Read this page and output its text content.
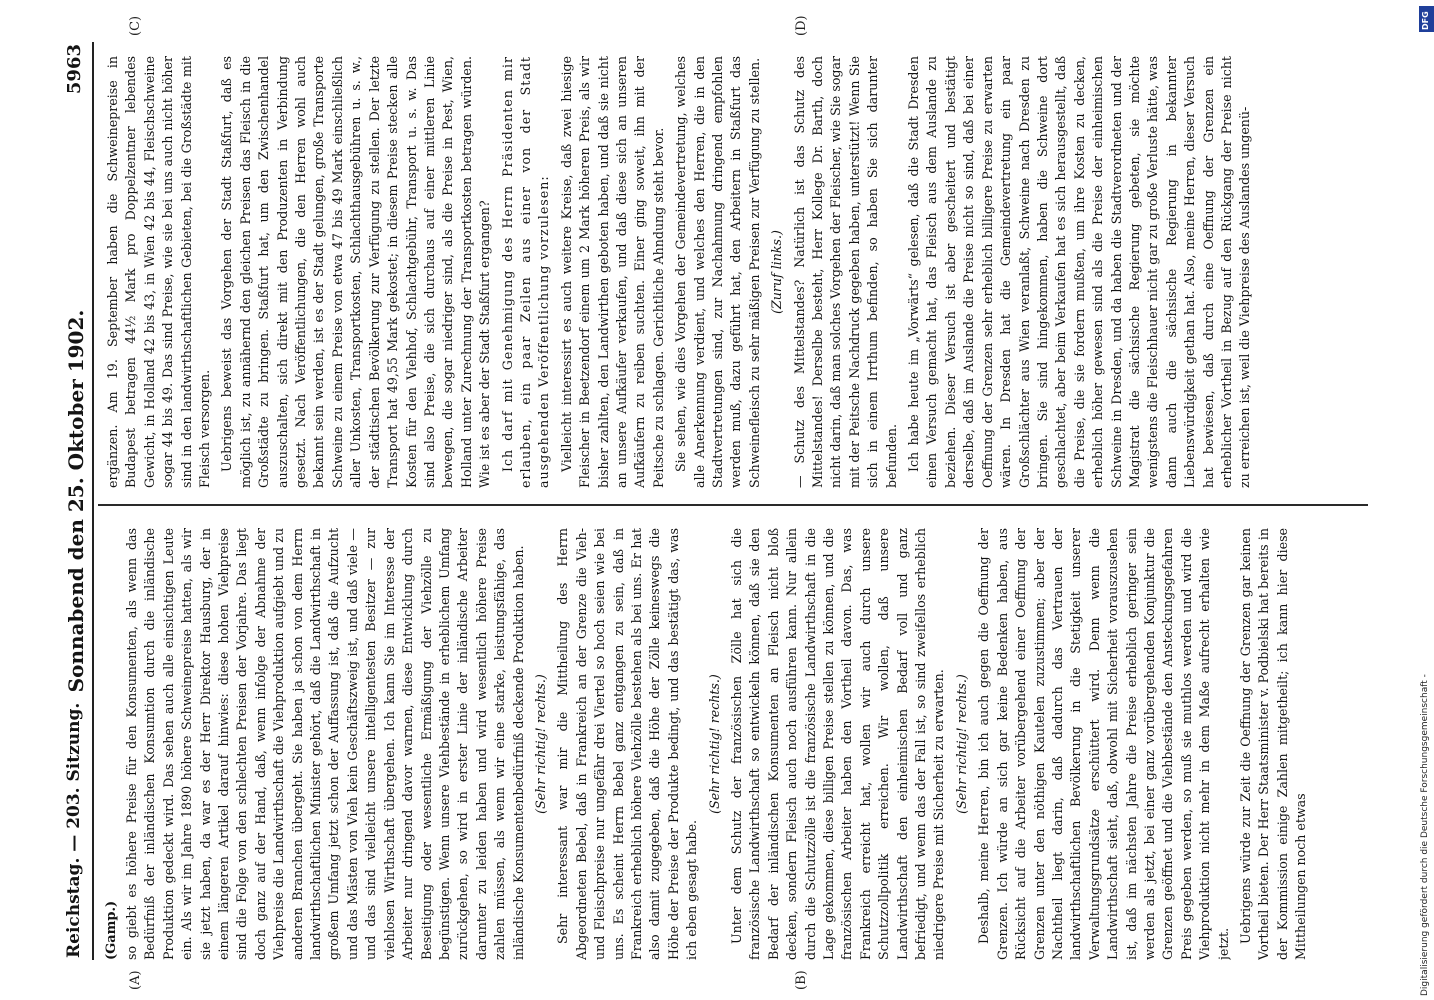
Reichstag. — 203. Sitzung.
Sonnabend den 25. Oktober 1902.
5963
(A)	(B)
(C)	(D)
(Gamp.) so giebt es höhere Preise für den Konsumenten, als wenn das Bedürfniß der inländischen Konsumtion durch die inländische Produktion gedeckt wird. Das sehen auch alle einsichtigen Leute ein. Als wir im Jahre 1890 höhere Schweinepreise hatten, als wir sie jetzt haben, da war es der Herr Direktor Hausburg, der in einem längeren Artikel darauf hinwies: diese hohen Viehpreise sind die Folge von den schlechten Preisen der Vorjahre. Das liegt doch ganz auf der Hand, daß, wenn infolge der Abnahme der Viehpreise die Landwirthschaft die Viehproduktion aufgiebt und zu anderen Branchen übergeht. Sie haben ja schon von dem Herrn landwirthschaftlichen Minister gehört, daß die Landwirthschaft in großem Umfang jetzt schon der Auffassung ist, daß die Aufzucht und das Mästen von Vieh kein Geschäftszweig ist, und daß viele — und das sind vielleicht unsere intelligentesten Besitzer — zur viehlosen Wirthschaft übergehen. Ich kann Sie im Interesse der Arbeiter nur dringend davor warnen, diese Entwicklung durch Beseitigung oder wesentliche Ermäßigung der Viehzölle zu begünstigen. Wenn unsere Viehbestände in erheblichem Umfang zurückgehen, so wird in erster Linie der inländische Arbeiter darunter zu leiden haben und wird wesentlich höhere Preise zahlen müssen, als wenn wir eine starke, leistungsfähige, das inländische Konsumentenbedürfniß deckende Produktion haben. (Sehr richtig! rechts.) Sehr interessant war mir die Mittheilung des Herrn Abgeordneten Bebel, daß in Frankreich an der Grenze die Vieh- und Fleischpreise nur ungefähr drei Viertel so hoch seien wie bei uns. Es scheint Herrn Bebel ganz entgangen zu sein, daß in Frankreich erheblich höhere Viehzölle bestehen als bei uns. Er hat also damit zugegeben, daß die Höhe der Zölle keineswegs die Höhe der Preise der Produkte bedingt, und das bestätigt das, was ich eben gesagt habe.

(Sehr richtig! rechts.) Unter dem Schutz der französischen Zölle hat sich die französische Landwirthschaft so entwickeln können, daß sie den Bedarf der inländischen Konsumenten an Fleisch nicht bloß decken, sondern Fleisch auch noch ausführen kann. Nur allein durch die Schutzzölle ist die französische Landwirthschaft in die Lage gekommen, diese billigen Preise stellen zu können, und die französischen Arbeiter haben den Vortheil davon. Das, was Frankreich erreicht hat, wollen wir auch durch unsere Schutzzollpolitik erreichen. Wir wollen, daß unsere Landwirthschaft den einheimischen Bedarf voll und ganz befriedigt, und wenn das der Fall ist, so sind zweifellos erheblich niedrigere Preise mit Sicherheit zu erwarten. (Sehr richtig! rechts.) Deshalb, meine Herren, bin ich auch gegen die Oeffnung der Grenzen. Ich würde an sich gar keine Bedenken haben, aus Rücksicht auf die Arbeiter vorübergehend einer Oeffnung der Grenzen unter den nöthigen Kautelen zuzustimmen; aber der Nachtheil liegt darin, daß dadurch das Vertrauen der landwirthschaftlichen Bevölkerung in die Stetigkeit unserer Verwaltungsgrundsätze erschüttert wird. Denn wenn die Landwirthschaft sieht, daß, obwohl mit Sicherheit vorauszusehen ist, daß im nächsten Jahre die Preise erheblich geringer sein werden als jetzt, bei einer ganz vorübergehenden Konjunktur die Grenzen geöffnet und die Viehbestände den Ansteckungsgefahren Preis gegeben werden, so muß sie muthlos werden und wird die Viehproduktion nicht mehr in dem Maße aufrecht erhalten wie jetzt. Uebrigens würde zur Zeit die Oeffnung der Grenzen gar keinen Vortheil bieten. Der Herr Staatsminister v. Podbielski hat bereits in der Kommission einige Zahlen mitgetheilt; ich kann hier diese Mittheilungen noch etwas

ergänzen. Am 19. September haben die Schweinepreise in Budapest betragen 44½ Mark pro Doppelzentner lebendes Gewicht, in Holland 42 bis 43, in Wien 42 bis 44, Fleischschweine sogar 44 bis 49. Das sind Preise, wie sie bei uns auch nicht höher sind in den landwirthschaftlichen Gebieten, bei die Großstädte mit Fleisch versorgen. Uebrigens beweist das Vorgehen der Stadt Staßfurt, daß es möglich ist, zu annähernd den gleichen Preisen das Fleisch in die Großstädte zu bringen. Staßfurt hat, um den Zwischenhandel auszuschalten, sich direkt mit den Produzenten in Verbindung gesetzt. Nach Veröffentlichungen, die den Herren wohl auch bekannt sein werden, ist es der Stadt gelungen, große Transporte Schweine zu einem Preise von etwa 47 bis 49 Mark einschließlich aller Unkosten, Transportkosten, Schlachthausgebühren u. s. w., der städtischen Bevölkerung zur Verfügung zu stellen. Der letzte Transport hat 49,55 Mark gekostet; in diesem Preise stecken alle Kosten für den Viehhof, Schlachtgebühr, Transport u. s. w. Das sind also Preise, die sich durchaus auf einer mittleren Linie bewegen, die sogar niedriger sind, als die Preise in Pest, Wien, Holland unter Zurechnung der Transportkosten betragen würden. Wie ist es aber der Stadt Staßfurt ergangen? Ich darf mit Genehmigung des Herrn Präsidenten mir erlauben, ein paar Zeilen aus einer von der Stadt ausgehenden Veröffentlichung vorzulesen: Vielleicht interessirt es auch weitere Kreise, daß zwei hiesige Fleischer in Beetzendorf einem um 2 Mark höheren Preis, als wir bisher zahlten, den Landwirthen geboten haben, und daß sie nicht an unsere Aufkäufer verkaufen, und daß diese sich an unseren Aufkäufern zu reiben suchten. Einer ging soweit, ihn mit der Peitsche zu schlagen. Gerichtliche Ahndung steht bevor. Sie sehen, wie dies Vorgehen der Gemeindevertretung, welches alle Anerkennung verdient, und welches den Herren, die in den Stadtvertretungen sind, zur Nachahmung dringend empfohlen werden muß, dazu geführt hat, den Arbeitern in Staßfurt das Schweinefleisch zu sehr mäßigen Preisen zur Verfügung zu stellen. (Zuruf links.) — Schutz des Mittelstandes? Natürlich ist das Schutz des Mittelstandes! Derselbe besteht, Herr Kollege Dr. Barth, doch nicht darin, daß man solches Vorgehen der Fleischer, wie Sie sogar mit der Peitsche Nachdruck gegeben haben, unterstützt! Wenn Sie sich in einem Irrthum befinden, so haben Sie sich darunter befunden. Ich habe heute im „Vorwärts“ gelesen, daß die Stadt Dresden einen Versuch gemacht hat, das Fleisch aus dem Auslande zu beziehen. Dieser Versuch ist aber gescheitert und bestätigt derselbe, daß im Auslande die Preise nicht so sind, daß bei einer Oeffnung der Grenzen sehr erheblich billigere Preise zu erwarten wären. In Dresden hat die Gemeindevertretung ein paar Großschlächter aus Wien veranlaßt, Schweine nach Dresden zu bringen. Sie sind hingekommen, haben die Schweine dort geschlachtet, aber beim Verkaufen hat es sich herausgestellt, daß die Preise, die sie fordern mußten, um ihre Kosten zu decken, erheblich höher gewesen sind als die Preise der einheimischen Schweine in Dresden, und da haben die Stadtverordneten und der Magistrat die sächsische Regierung gebeten, sie möchte wenigstens die Fleischhauer nicht gar zu große Verluste hätte, was dann auch die sächsische Regierung in bekannter Liebenswürdigkeit gethan hat. Also, meine Herren, dieser Versuch hat bewiesen, daß durch eine Oeffnung der Grenzen ein erheblicher Vortheil in Bezug auf den Rückgang der Preise nicht zu erreichen ist, weil die Viehpreise des Auslandes ungenü-

Digitalisierung gefördert durch die Deutsche Forschungsgemeinschaft -
DFG
